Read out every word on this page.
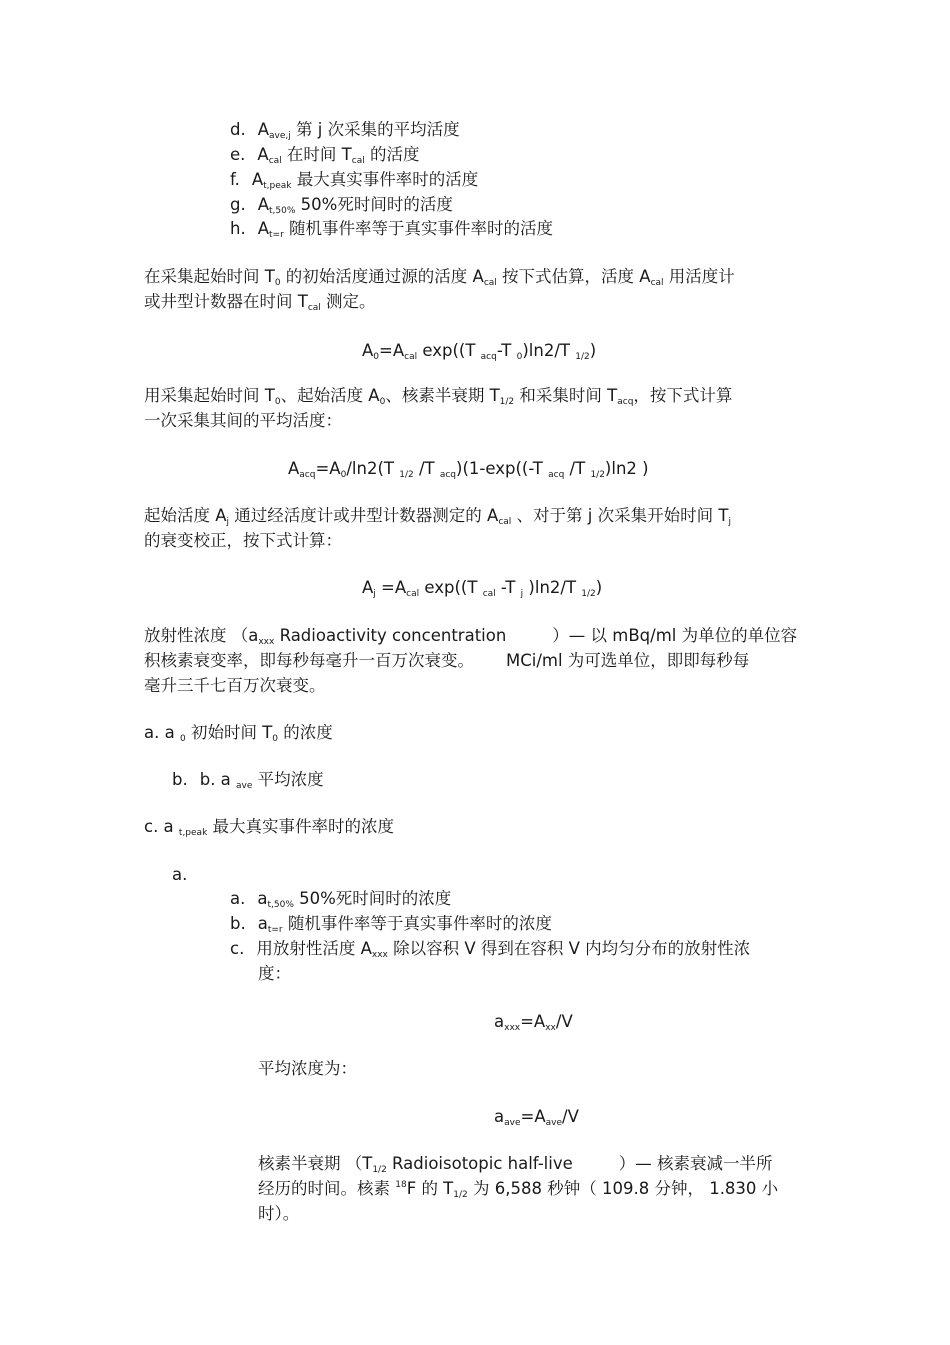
d. Aave,j 第 j 次采集的平均活度
e. Acal 在时间 Tcal 的活度
f. At,peak 最大真实事件率时的活度
g. At,50% 50%死时间时的活度
h. At=r 随机事件率等于真实事件率时的活度
在采集起始时间 T0 的初始活度通过源的活度 Acal 按下式估算，活度 Acal 用活度计
或井型计数器在时间 Tcal 测定。
A0=Acal exp((T acq-T 0)ln2/T 1/2)
用采集起始时间 T0、起始活度 A0、核素半衰期 T1/2 和采集时间 Tacq，按下式计算
一次采集其间的平均活度：
Aacq=A0/ln2(T 1/2 /T acq)(1-exp((-T acq /T 1/2)ln2 )
起始活度 Aj 通过经活度计或井型计数器测定的 Acal 、对于第 j 次采集开始时间 Tj
的衰变校正，按下式计算：
Aj =Acal exp((T cal -T j )ln2/T 1/2)
放射性浓度 （axxx Radioactivity concentration	）— 以 mBq/ml 为单位的单位容
积核素衰变率，即每秒每毫升一百万次衰变。 MCi/ml 为可选单位，即即每秒每
毫升三千七百万次衰变。
a. a 0 初始时间 T0 的浓度
b. b. a ave 平均浓度
c. a t,peak 最大真实事件率时的浓度
a.
a. at,50% 50%死时间时的浓度
b. at=r 随机事件率等于真实事件率时的浓度
c. 用放射性活度 Axxx 除以容积 V 得到在容积 V 内均匀分布的放射性浓
度：
axxx=Axx/V
平均浓度为：
aave=Aave/V
核素半衰期 （T1/2 Radioisotopic half-live	）— 核素衰减一半所
经历的时间。核素 $^{18}$F 的 T1/2 为 6,588 秒钟（ 109.8 分钟， 1.830 小
时）。
